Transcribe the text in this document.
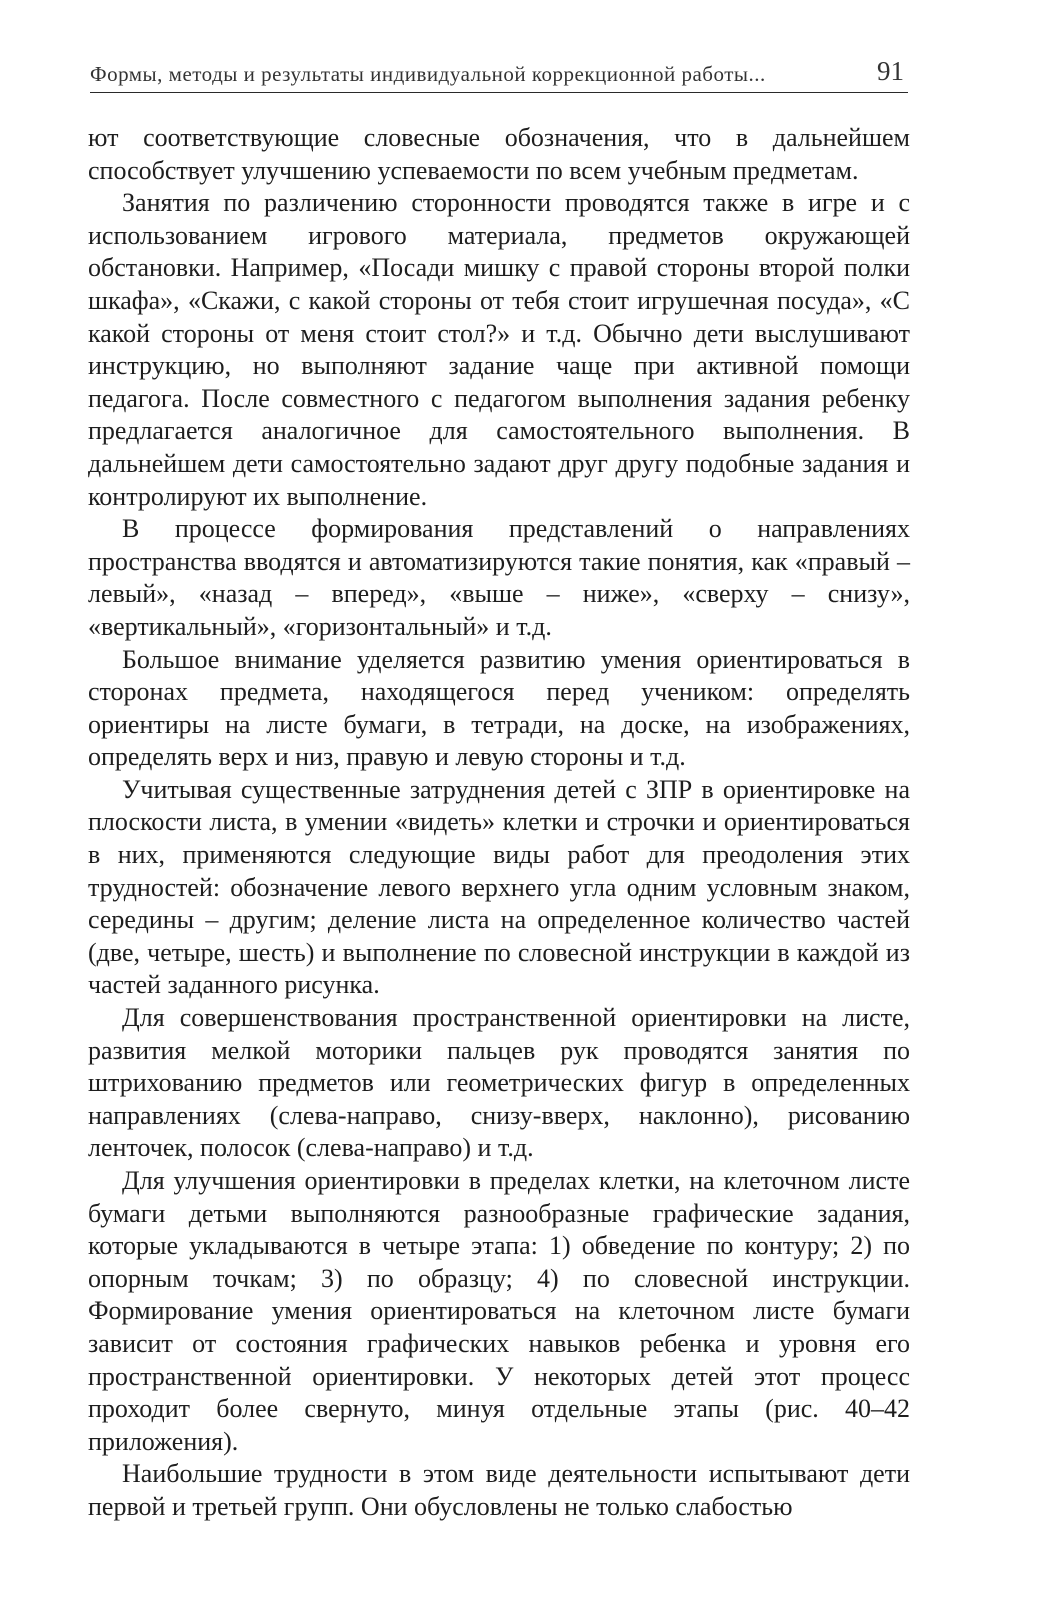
Формы, методы и результаты индивидуальной коррекционной работы...	91

ют соответствующие словесные обозначения, что в дальнейшем способствует улучшению успеваемости по всем учебным предметам.

Занятия по различению сторонности проводятся также в игре и с использованием игрового материала, предметов окружающей обстановки. Например, «Посади мишку с правой стороны второй полки шкафа», «Скажи, с какой стороны от тебя стоит игрушечная посуда», «С какой стороны от меня стоит стол?» и т.д. Обычно дети выслушивают инструкцию, но выполняют задание чаще при активной помощи педагога. После совместного с педагогом выполнения задания ребенку предлагается аналогичное для самостоятельного выполнения. В дальнейшем дети самостоятельно задают друг другу подобные задания и контролируют их выполнение.

В процессе формирования представлений о направлениях пространства вводятся и автоматизируются такие понятия, как «правый – левый», «назад – вперед», «выше – ниже», «сверху – снизу», «вертикальный», «горизонтальный» и т.д.

Большое внимание уделяется развитию умения ориентироваться в сторонах предмета, находящегося перед учеником: определять ориентиры на листе бумаги, в тетради, на доске, на изображениях, определять верх и низ, правую и левую стороны и т.д.

Учитывая существенные затруднения детей с ЗПР в ориентировке на плоскости листа, в умении «видеть» клетки и строчки и ориентироваться в них, применяются следующие виды работ для преодоления этих трудностей: обозначение левого верхнего угла одним условным знаком, середины – другим; деление листа на определенное количество частей (две, четыре, шесть) и выполнение по словесной инструкции в каждой из частей заданного рисунка.

Для совершенствования пространственной ориентировки на листе, развития мелкой моторики пальцев рук проводятся занятия по штрихованию предметов или геометрических фигур в определенных направлениях (слева-направо, снизу-вверх, наклонно), рисованию ленточек, полосок (слева-направо) и т.д.

Для улучшения ориентировки в пределах клетки, на клеточном листе бумаги детьми выполняются разнообразные графические задания, которые укладываются в четыре этапа: 1) обведение по контуру; 2) по опорным точкам; 3) по образцу; 4) по словесной инструкции. Формирование умения ориентироваться на клеточном листе бумаги зависит от состояния графических навыков ребенка и уровня его пространственной ориентировки. У некоторых детей этот процесс проходит более свернуто, минуя отдельные этапы (рис. 40–42 приложения).

Наибольшие трудности в этом виде деятельности испытывают дети первой и третьей групп. Они обусловлены не только слабостью
